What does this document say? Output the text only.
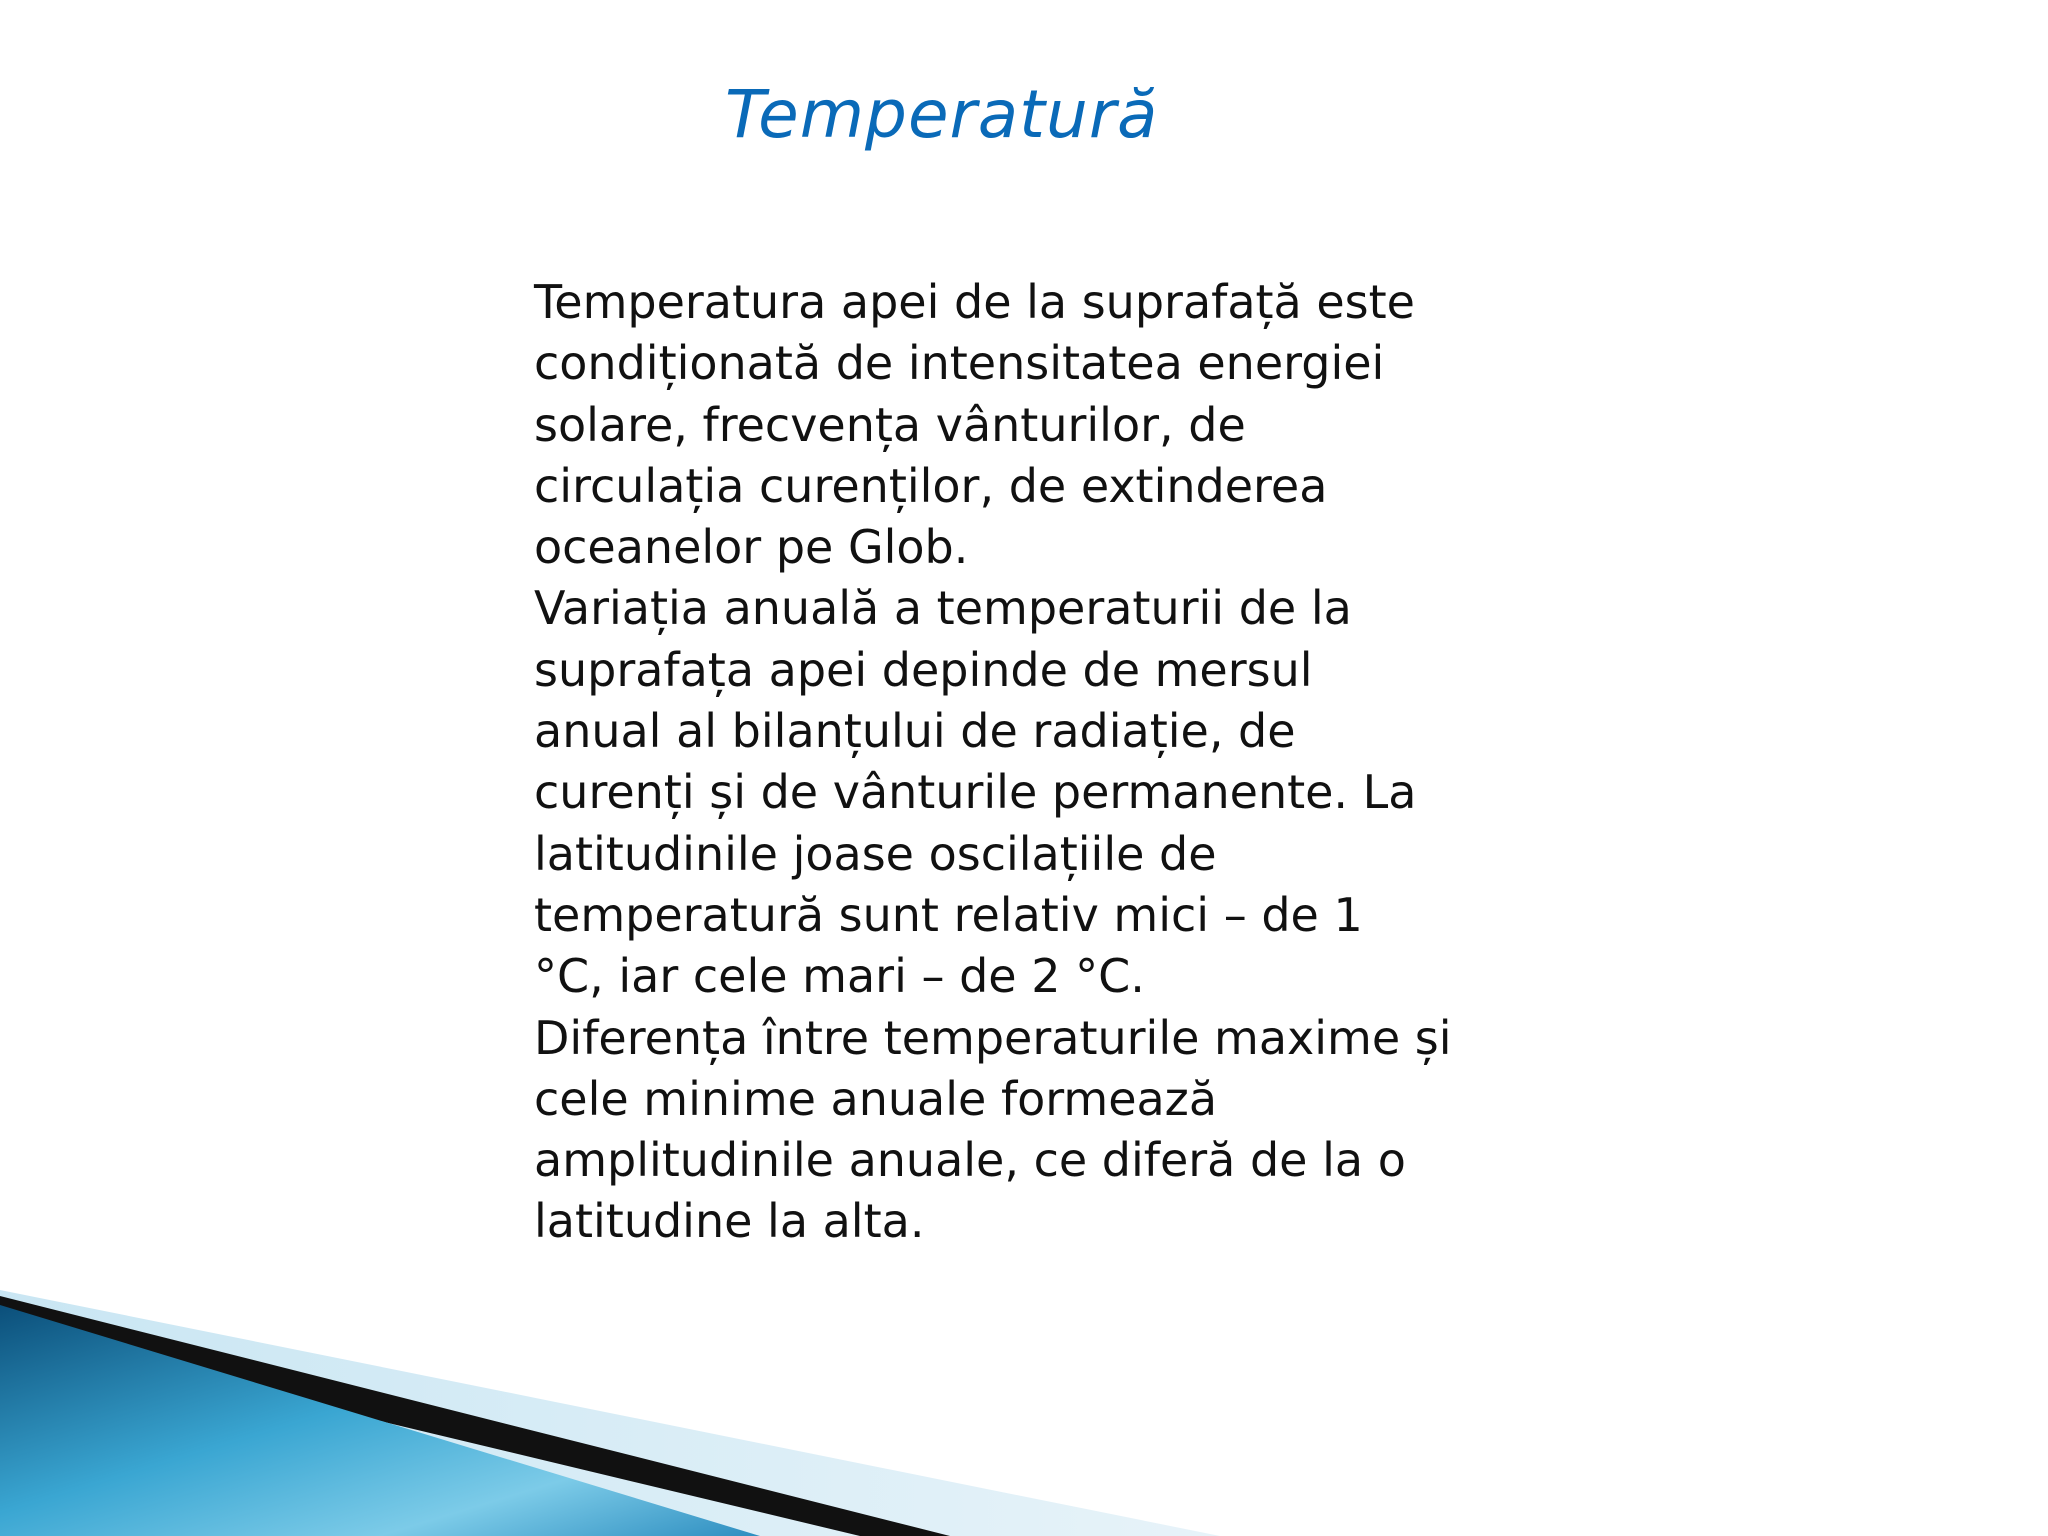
Temperatură
Temperatura apei de la suprafață este
condiționată de intensitatea energiei
solare, frecvența vânturilor, de
circulația curenților, de extinderea
oceanelor pe Glob.
Variația anuală a temperaturii de la
suprafața apei depinde de mersul
anual al bilanțului de radiație, de
curenți și de vânturile permanente. La
latitudinile joase oscilațiile de
temperatură sunt relativ mici – de 1
°C, iar cele mari – de 2 °C.
Diferența între temperaturile maxime și
cele minime anuale formează
amplitudinile anuale, ce diferă de la o
latitudine la alta.
